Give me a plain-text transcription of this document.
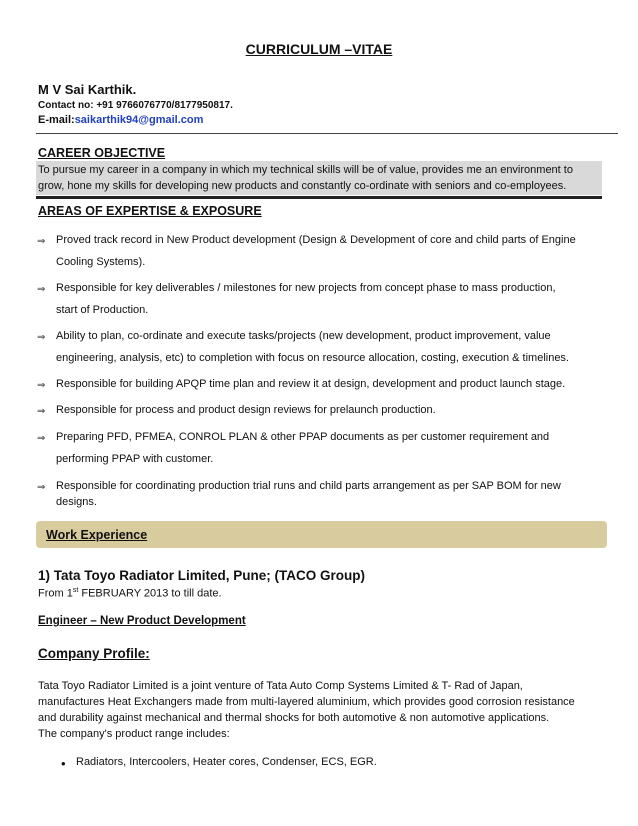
CURRICULUM –VITAE
M V Sai Karthik.
Contact no: +91 9766076770/8177950817.
E-mail:saikarthik94@gmail.com
CAREER OBJECTIVE
To pursue my career in a company in which my technical skills will be of value, provides me an environment to
grow, hone my skills for developing new products and constantly co-ordinate with seniors and co-employees.
AREAS OF EXPERTISE & EXPOSURE
⇒ Proved track record in New Product development (Design & Development of core and child parts of Engine
Cooling Systems).
⇒ Responsible for key deliverables / milestones for new projects from concept phase to mass production,
start of Production.
⇒ Ability to plan, co-ordinate and execute tasks/projects (new development, product improvement, value
engineering, analysis, etc) to completion with focus on resource allocation, costing, execution & timelines.
⇒ Responsible for building APQP time plan and review it at design, development and product launch stage.
⇒ Responsible for process and product design reviews for prelaunch production.
⇒ Preparing PFD, PFMEA, CONROL PLAN & other PPAP documents as per customer requirement and
performing PPAP with customer.
⇒ Responsible for coordinating production trial runs and child parts arrangement as per SAP BOM for new
designs.
Work Experience
1) Tata Toyo Radiator Limited, Pune; (TACO Group)
From 1st FEBRUARY 2013 to till date.
Engineer – New Product Development
Company Profile:
Tata Toyo Radiator Limited is a joint venture of Tata Auto Comp Systems Limited & T- Rad of Japan,
manufactures Heat Exchangers made from multi-layered aluminium, which provides good corrosion resistance
and durability against mechanical and thermal shocks for both automotive & non automotive applications.
The company's product range includes:
• Radiators, Intercoolers, Heater cores, Condenser, ECS, EGR.
